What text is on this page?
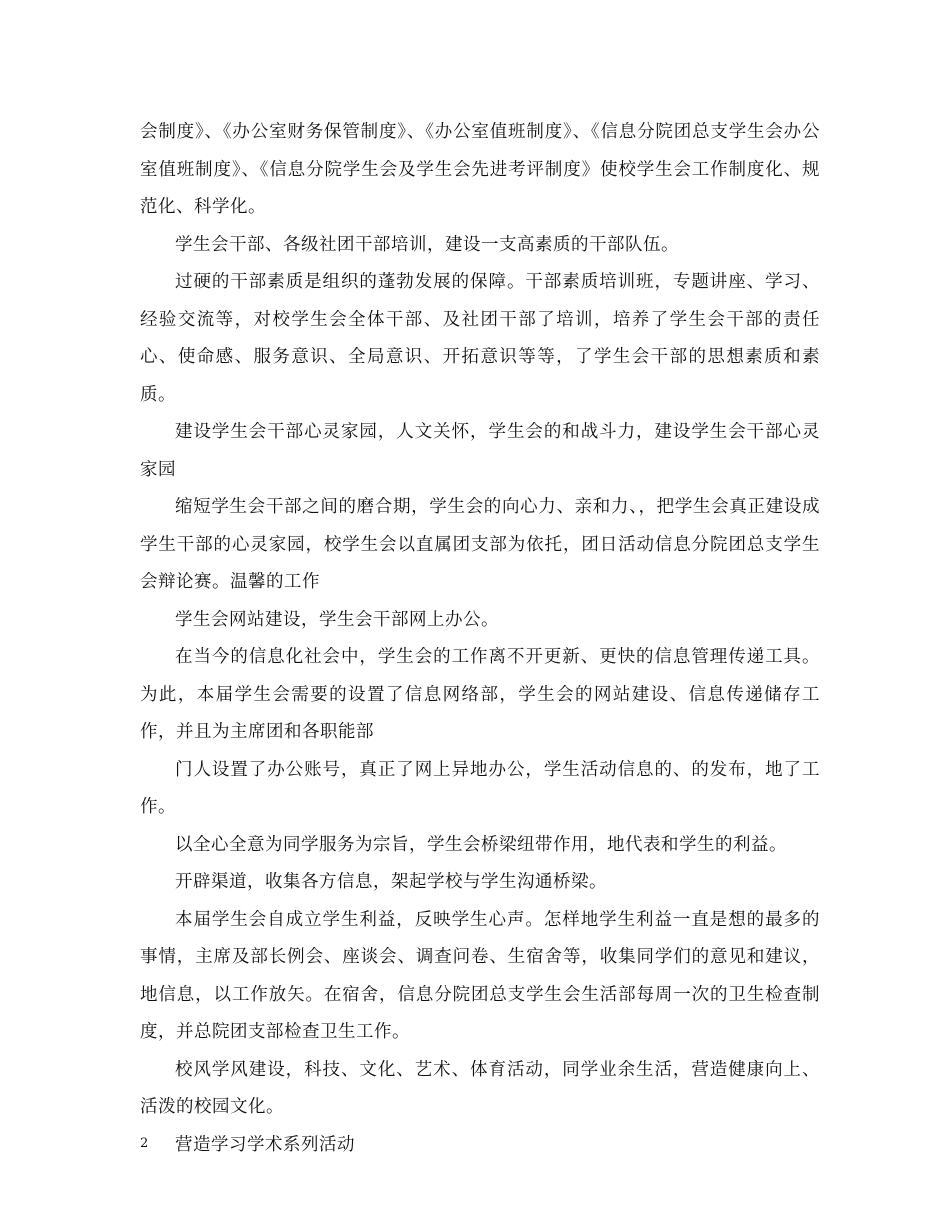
会制度》、《办公室财务保管制度》、《办公室值班制度》、《信息分院团总支学生会办公室值班制度》、《信息分院学生会及学生会先进考评制度》使校学生会工作制度化、规范化、科学化。

学生会干部、各级社团干部培训，建设一支高素质的干部队伍。

过硬的干部素质是组织的蓬勃发展的保障。干部素质培训班，专题讲座、学习、经验交流等，对校学生会全体干部、及社团干部了培训，培养了学生会干部的责任心、使命感、服务意识、全局意识、开拓意识等等，了学生会干部的思想素质和素质。

建设学生会干部心灵家园，人文关怀，学生会的和战斗力，建设学生会干部心灵家园

缩短学生会干部之间的磨合期，学生会的向心力、亲和力、，把学生会真正建设成学生干部的心灵家园，校学生会以直属团支部为依托，团日活动信息分院团总支学生会辩论赛。温馨的工作

学生会网站建设，学生会干部网上办公。

在当今的信息化社会中，学生会的工作离不开更新、更快的信息管理传递工具。为此，本届学生会需要的设置了信息网络部，学生会的网站建设、信息传递储存工作，并且为主席团和各职能部

门人设置了办公账号，真正了网上异地办公，学生活动信息的、的发布，地了工作。

以全心全意为同学服务为宗旨，学生会桥梁纽带作用，地代表和学生的利益。

开辟渠道，收集各方信息，架起学校与学生沟通桥梁。

本届学生会自成立学生利益，反映学生心声。怎样地学生利益一直是想的最多的事情，主席及部长例会、座谈会、调查问卷、生宿舍等，收集同学们的意见和建议，地信息，以工作放矢。在宿舍，信息分院团总支学生会生活部每周一次的卫生检查制度，并总院团支部检查卫生工作。

校风学风建设，科技、文化、艺术、体育活动，同学业余生活，营造健康向上、活泼的校园文化。

营造学习学术系列活动

2
